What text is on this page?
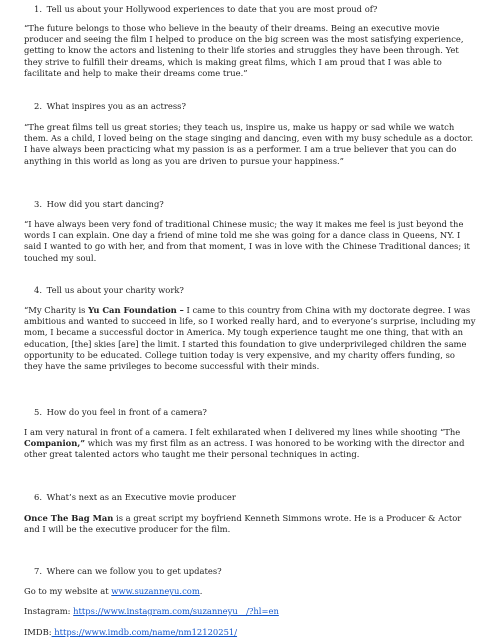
1. Tell us about your Hollywood experiences to date that you are most proud of?
“The future belongs to those who believe in the beauty of their dreams. Being an executive movie producer and seeing the film I helped to produce on the big screen was the most satisfying experience, getting to know the actors and listening to their life stories and struggles they have been through. Yet they strive to fulfill their dreams, which is making great films, which I am proud that I was able to facilitate and help to make their dreams come true.”
2. What inspires you as an actress?
“The great films tell us great stories; they teach us, inspire us, make us happy or sad while we watch them. As a child, I loved being on the stage singing and dancing, even with my busy schedule as a doctor. I have always been practicing what my passion is as a performer. I am a true believer that you can do anything in this world as long as you are driven to pursue your happiness.”
3. How did you start dancing?
“I have always been very fond of traditional Chinese music; the way it makes me feel is just beyond the words I can explain. One day a friend of mine told me she was going for a dance class in Queens, NY. I said I wanted to go with her, and from that moment, I was in love with the Chinese Traditional dances; it touched my soul.
4. Tell us about your charity work?
“My Charity is Yu Can Foundation – I came to this country from China with my doctorate degree. I was ambitious and wanted to succeed in life, so I worked really hard, and to everyone’s surprise, including my mom, I became a successful doctor in America. My tough experience taught me one thing, that with an education, [the] skies [are] the limit. I started this foundation to give underprivileged children the same opportunity to be educated. College tuition today is very expensive, and my charity offers funding, so they have the same privileges to become successful with their minds.
5. How do you feel in front of a camera?
I am very natural in front of a camera. I felt exhilarated when I delivered my lines while shooting “The Companion,” which was my first film as an actress. I was honored to be working with the director and other great talented actors who taught me their personal techniques in acting.
6. What’s next as an Executive movie producer
Once The Bag Man is a great script my boyfriend Kenneth Simmons wrote. He is a Producer & Actor and I will be the executive producer for the film.
7. Where can we follow you to get updates?
Go to my website at www.suzanneyu.com.
Instagram: https://www.instagram.com/suzanneyu__/?hl=en
IMDB: https://www.imdb.com/name/nm12120251/
